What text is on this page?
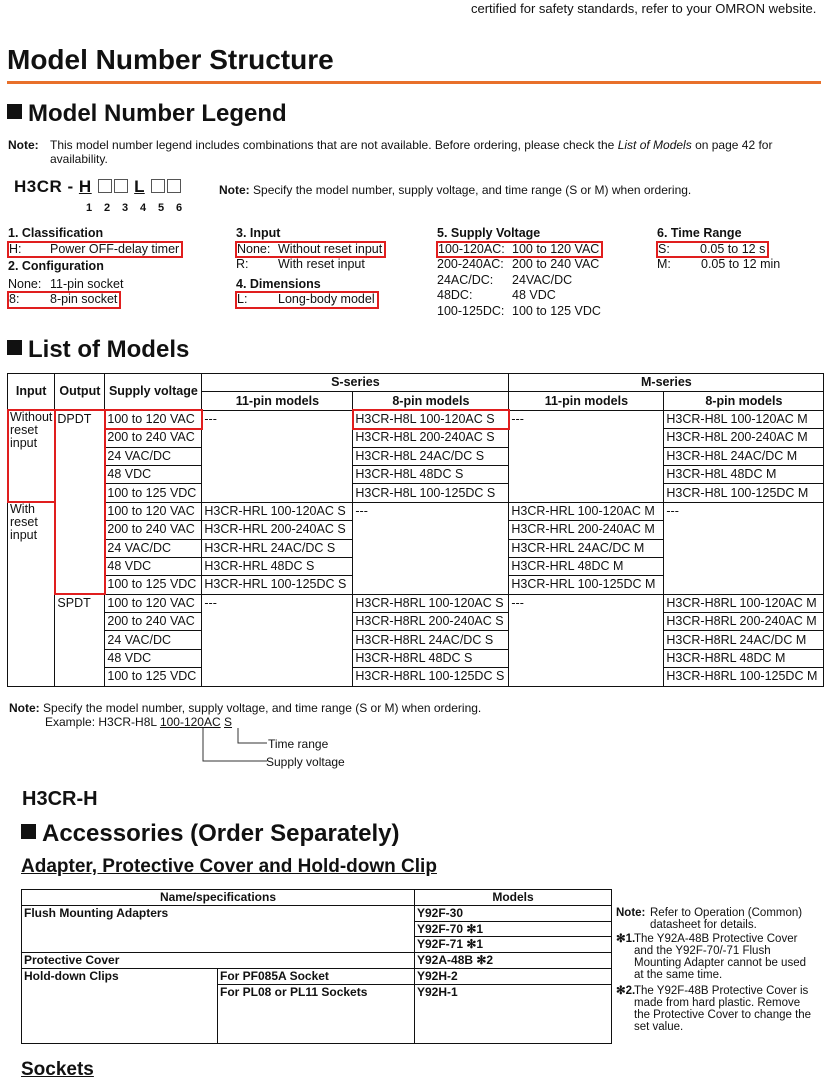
certified for safety standards, refer to your OMRON website.
Model Number Structure
Model Number Legend
Note: This model number legend includes combinations that are not available. Before ordering, please check the List of Models on page 42 for availability.
H3CR - H L
1 2 3 4 5 6
Note: Specify the model number, supply voltage, and time range (S or M) when ordering.
1. Classification
H: Power OFF-delay timer
2. Configuration
None: 11-pin socket
8: 8-pin socket
3. Input
None: Without reset input
R: With reset input
4. Dimensions
L: Long-body model
5. Supply Voltage
100-120AC: 100 to 120 VAC
200-240AC: 200 to 240 VAC
24AC/DC: 24VAC/DC
48DC:	48 VDC
100-125DC: 100 to 125 VDC
6. Time Range
S: 0.05 to 12 s
M: 0.05 to 12 min
List of Models
Input	Output	Supply voltage	S-series		M-series	
			11-pin models	8-pin models	11-pin models	8-pin models
Without reset input	DPDT	100 to 120 VAC	---	H3CR-H8L 100-120AC S	---	H3CR-H8L 100-120AC M
		200 to 240 VAC		H3CR-H8L 200-240AC S		H3CR-H8L 200-240AC M
		24 VAC/DC		H3CR-H8L 24AC/DC S		H3CR-H8L 24AC/DC M
		48 VDC		H3CR-H8L 48DC S		H3CR-H8L 48DC M
		100 to 125 VDC		H3CR-H8L 100-125DC S		H3CR-H8L 100-125DC M
With reset input		100 to 120 VAC	H3CR-HRL 100-120AC S	---	H3CR-HRL 100-120AC M	---
		200 to 240 VAC	H3CR-HRL 200-240AC S		H3CR-HRL 200-240AC M	
		24 VAC/DC	H3CR-HRL 24AC/DC S		H3CR-HRL 24AC/DC M	
		48 VDC	H3CR-HRL 48DC S		H3CR-HRL 48DC M	
		100 to 125 VDC	H3CR-HRL 100-125DC S		H3CR-HRL 100-125DC M	
	SPDT	100 to 120 VAC	---	H3CR-H8RL 100-120AC S	---	H3CR-H8RL 100-120AC M
		200 to 240 VAC		H3CR-H8RL 200-240AC S		H3CR-H8RL 200-240AC M
		24 VAC/DC		H3CR-H8RL 24AC/DC S		H3CR-H8RL 24AC/DC M
		48 VDC		H3CR-H8RL 48DC S		H3CR-H8RL 48DC M
		100 to 125 VDC		H3CR-H8RL 100-125DC S		H3CR-H8RL 100-125DC M
Note: Specify the model number, supply voltage, and time range (S or M) when ordering.
Example: H3CR-H8L 100-120AC S
Time range
Supply voltage
H3CR-H
Accessories (Order Separately)
Adapter, Protective Cover and Hold-down Clip
Name/specifications		Models
Flush Mounting Adapters		Y92F-30
		Y92F-70 ✻1
		Y92F-71 ✻1
Protective Cover		Y92A-48B ✻2
Hold-down Clips	For PF085A Socket	Y92H-2
	For PL08 or PL11 Sockets	Y92H-1
Note: Refer to Operation (Common) datasheet for details.
✻1.
The Y92A-48B Protective Cover and the Y92F-70/-71 Flush Mounting Adapter cannot be used at the same time.
✻2.
The Y92F-48B Protective Cover is made from hard plastic. Remove the Protective Cover to change the set value.
Sockets
